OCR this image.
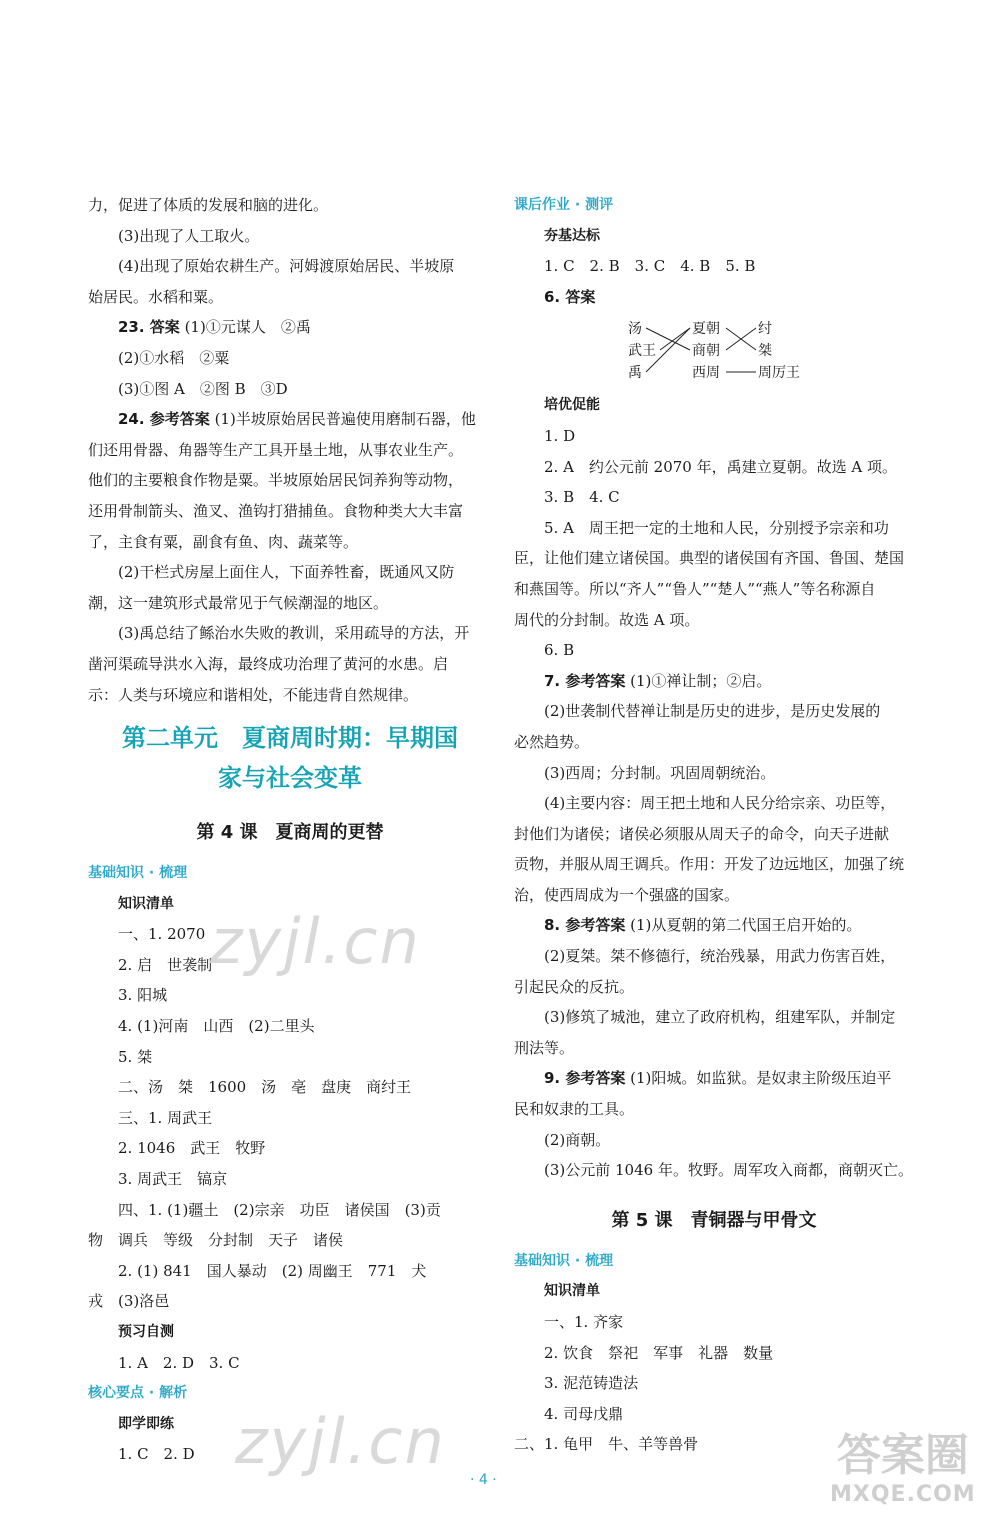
力，促进了体质的发展和脑的进化。
(3)出现了人工取火。
(4)出现了原始农耕生产。河姆渡原始居民、半坡原
始居民。水稻和粟。
23. 答案 (1)①元谋人　②禹
(2)①水稻　②粟
(3)①图 A　②图 B　③D
24. 参考答案 (1)半坡原始居民普遍使用磨制石器，他
们还用骨器、角器等生产工具开垦土地，从事农业生产。
他们的主要粮食作物是粟。半坡原始居民饲养狗等动物，
还用骨制箭头、渔叉、渔钩打猎捕鱼。食物种类大大丰富
了，主食有粟，副食有鱼、肉、蔬菜等。
(2)干栏式房屋上面住人，下面养牲畜，既通风又防
潮，这一建筑形式最常见于气候潮湿的地区。
(3)禹总结了鲧治水失败的教训，采用疏导的方法，开
凿河渠疏导洪水入海，最终成功治理了黄河的水患。启
示：人类与环境应和谐相处，不能违背自然规律。
第二单元　夏商周时期：早期国
家与社会变革
第 4 课　夏商周的更替
基础知识 · 梳理
知识清单
一、1. 2070
2. 启　世袭制
3. 阳城
4. (1)河南　山西　(2)二里头
5. 桀
二、汤　桀　1600　汤　亳　盘庚　商纣王
三、1. 周武王
2. 1046　武王　牧野
3. 周武王　镐京
四、1. (1)疆土　(2)宗亲　功臣　诸侯国　(3)贡
物　调兵　等级　分封制　天子　诸侯
2. (1) 841　国人暴动　(2) 周幽王　771　犬
戎　(3)洛邑
预习自测
1. A　2. D　3. C
核心要点 · 解析
即学即练
1. C　2. D
课后作业 · 测评
夯基达标
1. C　2. B　3. C　4. B　5. B
6. 答案
汤
武王
禹
夏朝
商朝
西周
纣
桀
周厉王
培优促能
1. D
2. A　约公元前 2070 年，禹建立夏朝。故选 A 项。
3. B　4. C
5. A　周王把一定的土地和人民，分别授予宗亲和功
臣，让他们建立诸侯国。典型的诸侯国有齐国、鲁国、楚国
和燕国等。所以“齐人”“鲁人”“楚人”“燕人”等名称源自
周代的分封制。故选 A 项。
6. B
7. 参考答案 (1)①禅让制；②启。
(2)世袭制代替禅让制是历史的进步，是历史发展的
必然趋势。
(3)西周；分封制。巩固周朝统治。
(4)主要内容：周王把土地和人民分给宗亲、功臣等，
封他们为诸侯；诸侯必须服从周天子的命令，向天子进献
贡物，并服从周王调兵。作用：开发了边远地区，加强了统
治，使西周成为一个强盛的国家。
8. 参考答案 (1)从夏朝的第二代国王启开始的。
(2)夏桀。桀不修德行，统治残暴，用武力伤害百姓，
引起民众的反抗。
(3)修筑了城池，建立了政府机构，组建军队，并制定
刑法等。
9. 参考答案 (1)阳城。如监狱。是奴隶主阶级压迫平
民和奴隶的工具。
(2)商朝。
(3)公元前 1046 年。牧野。周军攻入商都，商朝灭亡。
第 5 课　青铜器与甲骨文
基础知识 · 梳理
知识清单
一、1. 齐家
2. 饮食　祭祀　军事　礼器　数量
3. 泥范铸造法
4. 司母戊鼎
二、1. 龟甲　牛、羊等兽骨
zyjl.cn
zyjl.cn	答案圈
MXQE.COM
· 4 ·
